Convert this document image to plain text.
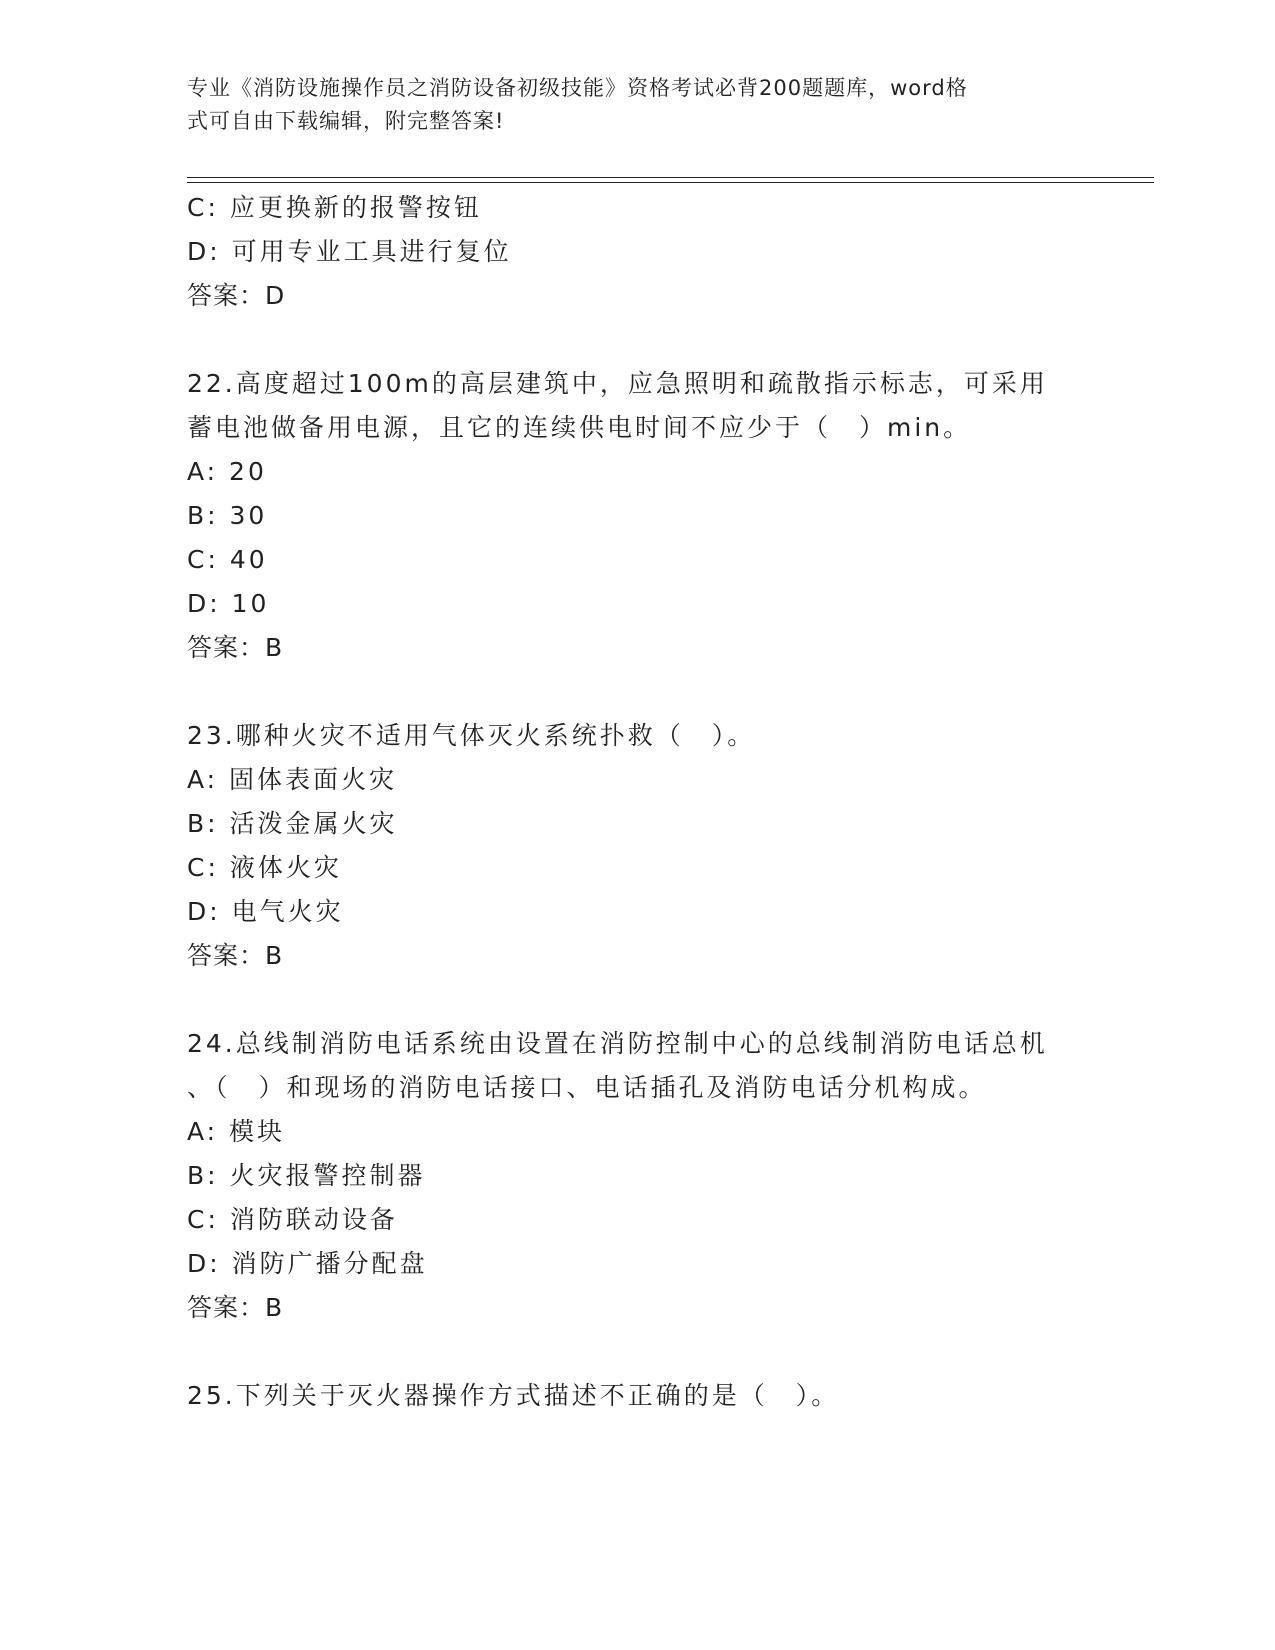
专业《消防设施操作员之消防设备初级技能》资格考试必背200题题库，word格
式可自由下载编辑，附完整答案!

C: 应更换新的报警按钮
D: 可用专业工具进行复位
答案：D
22.高度超过100m的高层建筑中，应急照明和疏散指示标志，可采用
蓄电池做备用电源，且它的连续供电时间不应少于（　）min。
A: 20
B: 30
C: 40
D: 10
答案：B
23.哪种火灾不适用气体灭火系统扑救（　）。
A: 固体表面火灾
B: 活泼金属火灾
C: 液体火灾
D: 电气火灾
答案：B
24.总线制消防电话系统由设置在消防控制中心的总线制消防电话总机
、（　）和现场的消防电话接口、电话插孔及消防电话分机构成。
A: 模块
B: 火灾报警控制器
C: 消防联动设备
D: 消防广播分配盘
答案：B
25.下列关于灭火器操作方式描述不正确的是（　）。
